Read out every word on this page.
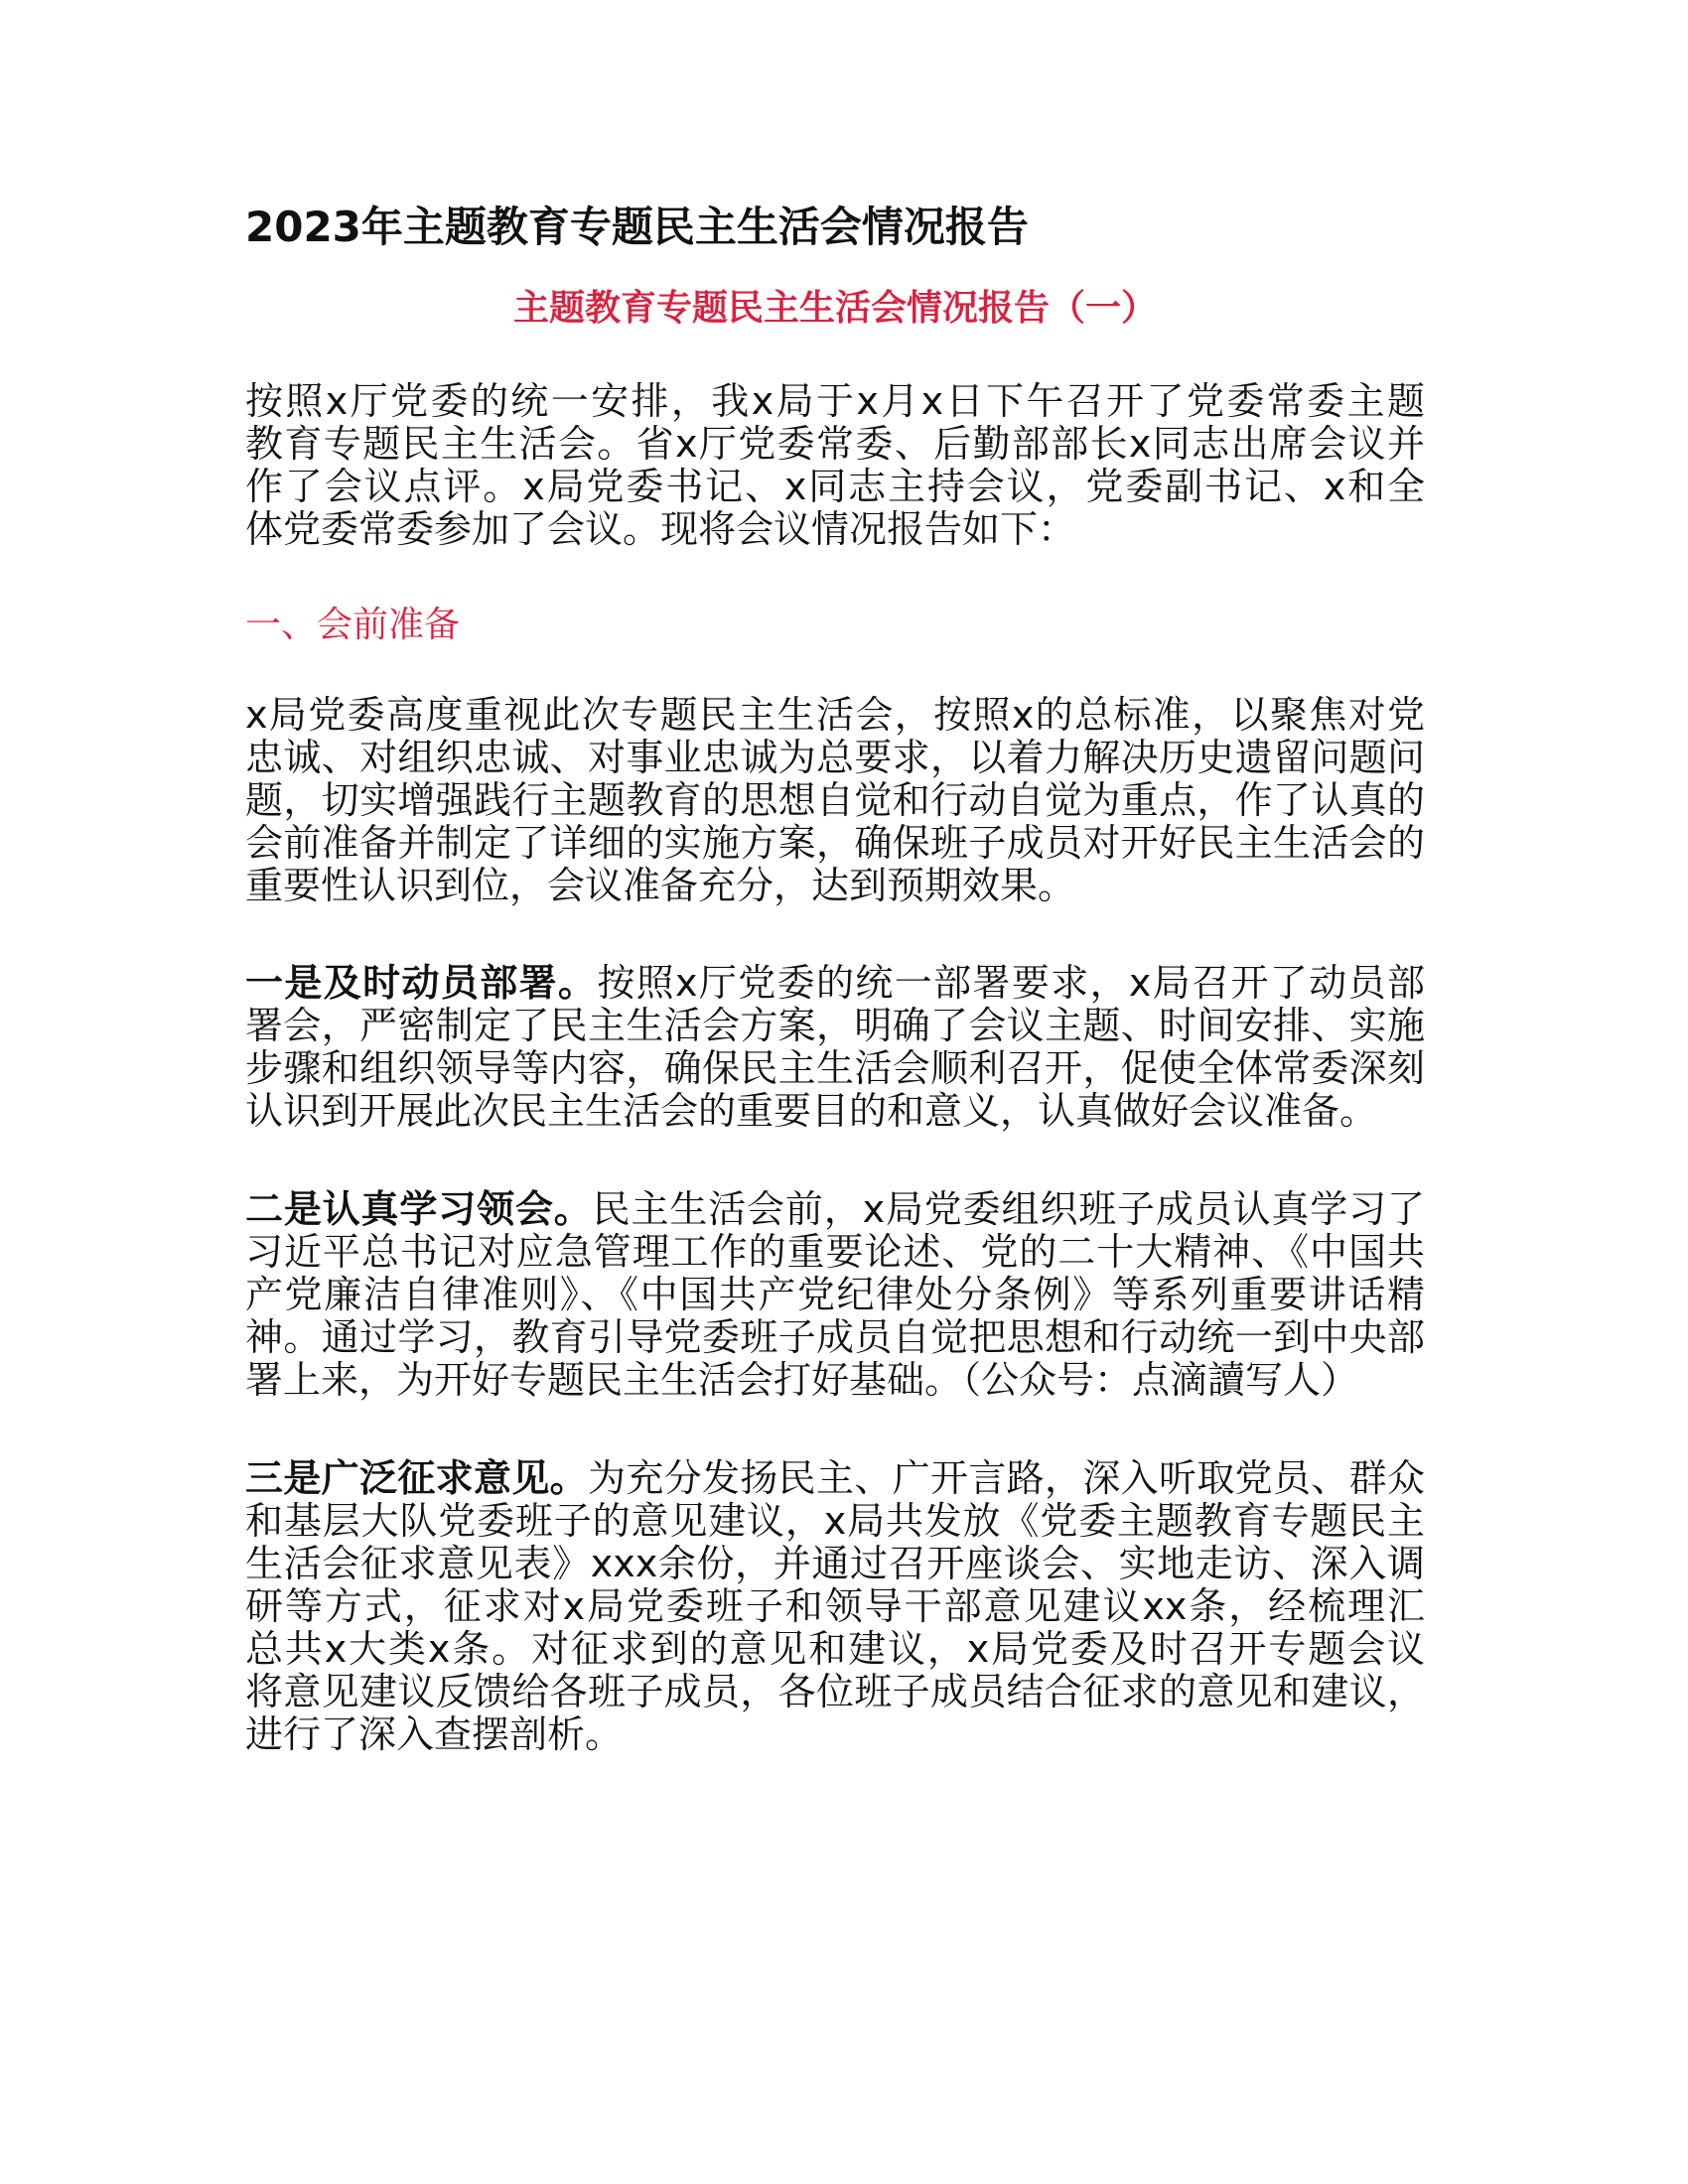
2023年主题教育专题民主生活会情况报告
主题教育专题民主生活会情况报告（一）
按照x厅党委的统一安排，我x局于x月x日下午召开了党委常委主题
教育专题民主生活会。省x厅党委常委、后勤部部长x同志出席会议并
作了会议点评。x局党委书记、x同志主持会议，党委副书记、x和全
体党委常委参加了会议。现将会议情况报告如下：
一、会前准备
x局党委高度重视此次专题民主生活会，按照x的总标准，以聚焦对党
忠诚、对组织忠诚、对事业忠诚为总要求，以着力解决历史遗留问题问
题，切实增强践行主题教育的思想自觉和行动自觉为重点，作了认真的
会前准备并制定了详细的实施方案，确保班子成员对开好民主生活会的
重要性认识到位，会议准备充分，达到预期效果。
一是及时动员部署。按照x厅党委的统一部署要求，x局召开了动员部
署会，严密制定了民主生活会方案，明确了会议主题、时间安排、实施
步骤和组织领导等内容，确保民主生活会顺利召开，促使全体常委深刻
认识到开展此次民主生活会的重要目的和意义，认真做好会议准备。
二是认真学习领会。民主生活会前，x局党委组织班子成员认真学习了
习近平总书记对应急管理工作的重要论述、党的二十大精神、《中国共
产党廉洁自律准则》、《中国共产党纪律处分条例》等系列重要讲话精
神。通过学习，教育引导党委班子成员自觉把思想和行动统一到中央部
署上来，为开好专题民主生活会打好基础。（公众号：点滴讀写人）
三是广泛征求意见。为充分发扬民主、广开言路，深入听取党员、群众
和基层大队党委班子的意见建议，x局共发放《党委主题教育专题民主
生活会征求意见表》xxx余份，并通过召开座谈会、实地走访、深入调
研等方式，征求对x局党委班子和领导干部意见建议xx条，经梳理汇
总共x大类x条。对征求到的意见和建议，x局党委及时召开专题会议
将意见建议反馈给各班子成员，各位班子成员结合征求的意见和建议，
进行了深入查摆剖析。
